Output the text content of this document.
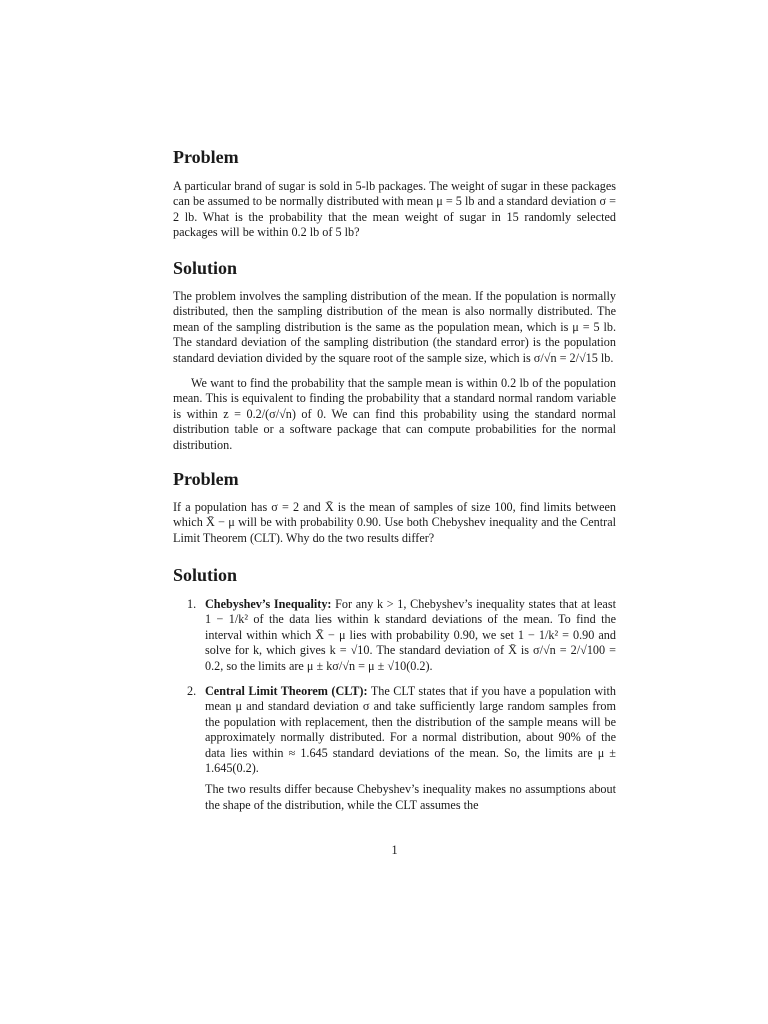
Problem

A particular brand of sugar is sold in 5-lb packages. The weight of sugar in these packages can be assumed to be normally distributed with mean μ = 5 lb and a standard deviation σ = 2 lb. What is the probability that the mean weight of sugar in 15 randomly selected packages will be within 0.2 lb of 5 lb?

Solution

The problem involves the sampling distribution of the mean. If the population is normally distributed, then the sampling distribution of the mean is also normally distributed. The mean of the sampling distribution is the same as the population mean, which is μ = 5 lb. The standard deviation of the sampling distribution (the standard error) is the population standard deviation divided by the square root of the sample size, which is σ/√n = 2/√15 lb.

We want to find the probability that the sample mean is within 0.2 lb of the population mean. This is equivalent to finding the probability that a standard normal random variable is within z = 0.2/(σ/√n) of 0. We can find this probability using the standard normal distribution table or a software package that can compute probabilities for the normal distribution.

Problem

If a population has σ = 2 and X̄ is the mean of samples of size 100, find limits between which X̄ − μ will be with probability 0.90. Use both Chebyshev inequality and the Central Limit Theorem (CLT). Why do the two results differ?

Solution
1. Chebyshev’s Inequality: For any k > 1, Chebyshev’s inequality states that at least 1 − 1/k² of the data lies within k standard deviations of the mean. To find the interval within which X̄ − μ lies with probability 0.90, we set 1 − 1/k² = 0.90 and solve for k, which gives k = √10. The standard deviation of X̄ is σ/√n = 2/√100 = 0.2, so the limits are μ ± kσ/√n = μ ± √10(0.2).
2. Central Limit Theorem (CLT): The CLT states that if you have a population with mean μ and standard deviation σ and take sufficiently large random samples from the population with replacement, then the distribution of the sample means will be approximately normally distributed. For a normal distribution, about 90% of the data lies within ≈ 1.645 standard deviations of the mean. So, the limits are μ ± 1.645(0.2).

The two results differ because Chebyshev’s inequality makes no assumptions about the shape of the distribution, while the CLT assumes the

1
